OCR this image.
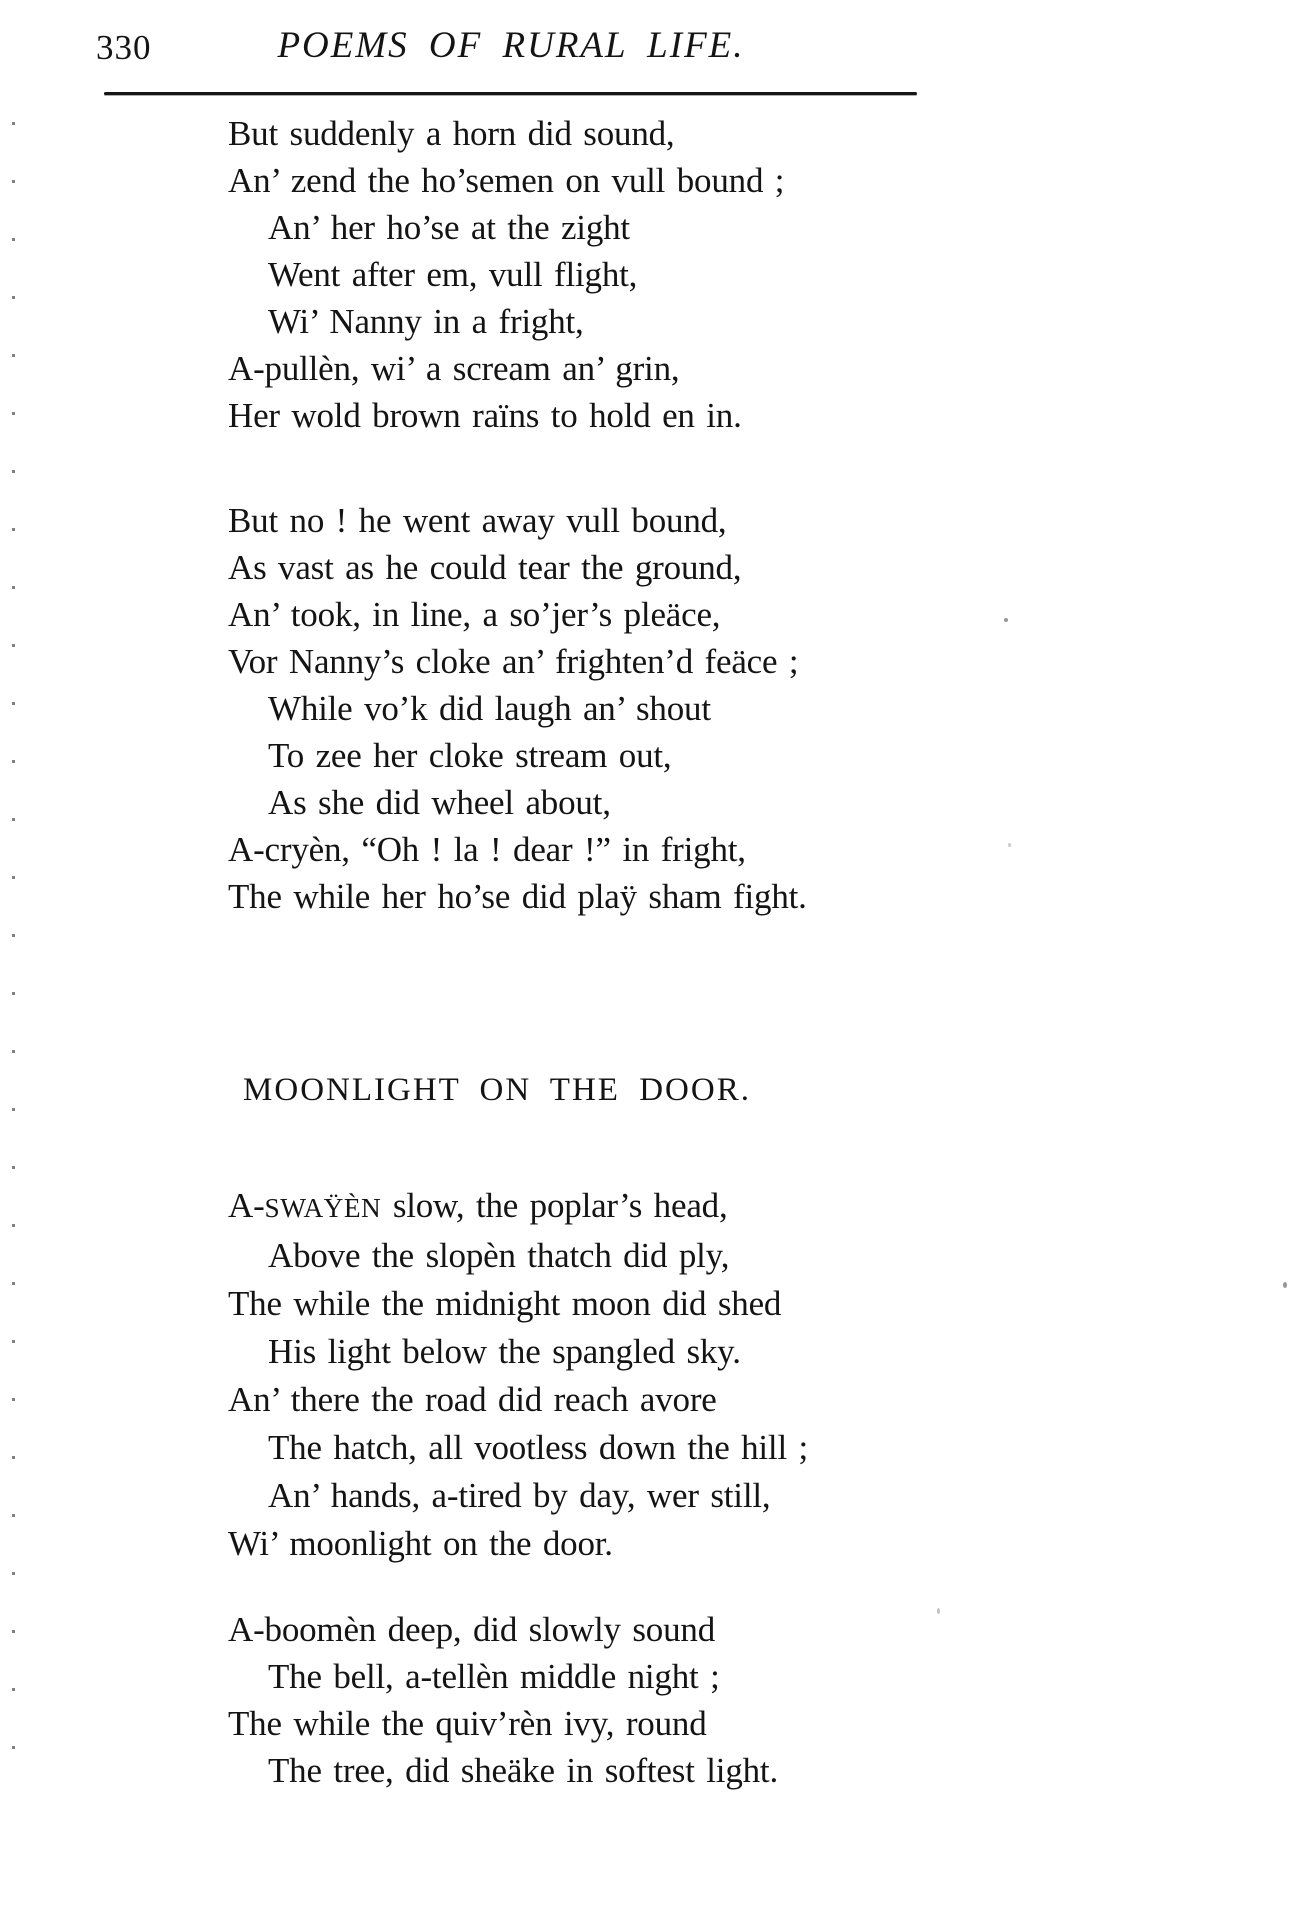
330	POEMS OF RURAL LIFE.
But suddenly a horn did sound,
An’ zend the ho’semen on vull bound ;
An’ her ho’se at the zight
Went after em, vull flight,
Wi’ Nanny in a fright,
A-pullèn, wi’ a scream an’ grin,
Her wold brown raïns to hold en in.
But no ! he went away vull bound,
As vast as he could tear the ground,
An’ took, in line, a so’jer’s pleäce,
Vor Nanny’s cloke an’ frighten’d feäce ;
While vo’k did laugh an’ shout
To zee her cloke stream out,
As she did wheel about,
A-cryèn, “Oh ! la ! dear !” in fright,
The while her ho’se did plaÿ sham fight.
MOONLIGHT ON THE DOOR.
A-SWAŸÈN slow, the poplar’s head,
Above the slopèn thatch did ply,
The while the midnight moon did shed
His light below the spangled sky.
An’ there the road did reach avore
The hatch, all vootless down the hill ;
An’ hands, a-tired by day, wer still,
Wi’ moonlight on the door.
A-boomèn deep, did slowly sound
The bell, a-tellèn middle night ;
The while the quiv’rèn ivy, round
The tree, did sheäke in softest light.
